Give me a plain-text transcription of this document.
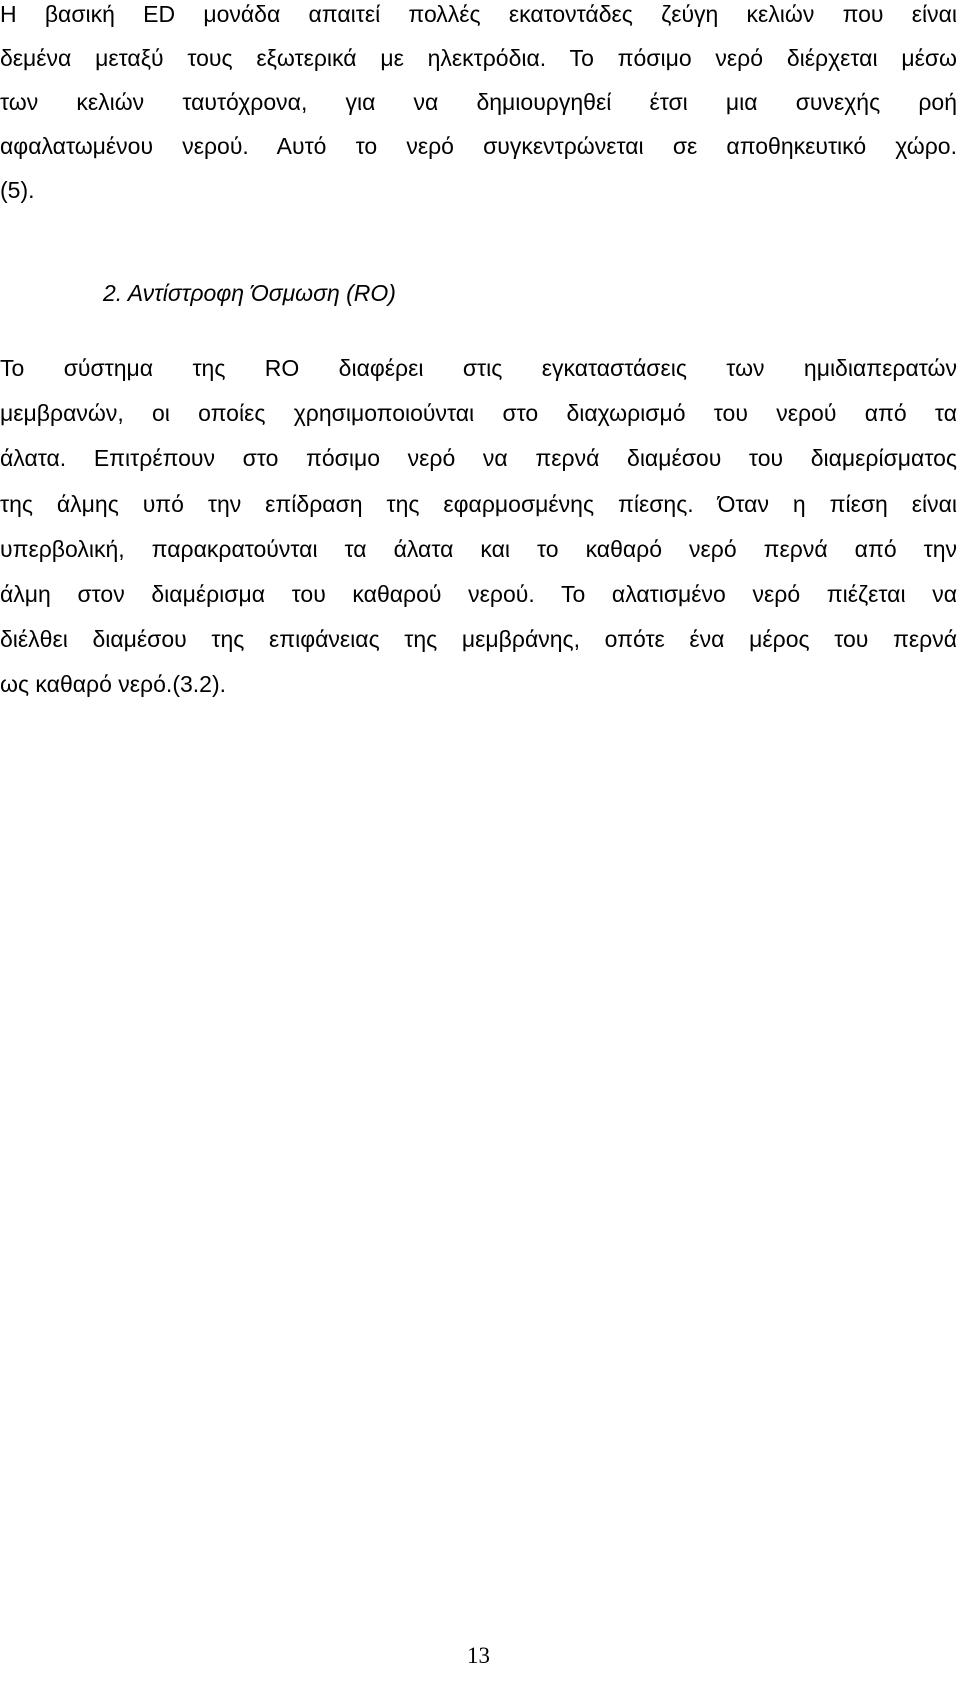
Η βασική ED μονάδα απαιτεί πολλές εκατοντάδες ζεύγη κελιών που είναι
δεμένα μεταξύ τους εξωτερικά με ηλεκτρόδια. Το πόσιμο νερό διέρχεται μέσω
των κελιών ταυτόχρονα, για να δημιουργηθεί έτσι μια συνεχής ροή
αφαλατωμένου νερού. Αυτό το νερό συγκεντρώνεται σε αποθηκευτικό χώρο.
(5).
2. Αντίστροφη Όσμωση (RO)
Το σύστημα της RO διαφέρει στις εγκαταστάσεις των ημιδιαπερατών
μεμβρανών, οι οποίες χρησιμοποιούνται στο διαχωρισμό του νερού από τα
άλατα. Επιτρέπουν στο πόσιμο νερό να περνά διαμέσου του διαμερίσματος
της άλμης υπό την επίδραση της εφαρμοσμένης πίεσης. Όταν η πίεση είναι
υπερβολική, παρακρατούνται τα άλατα και το καθαρό νερό περνά από την
άλμη στον διαμέρισμα του καθαρού νερού. Το αλατισμένο νερό πιέζεται να
διέλθει διαμέσου της επιφάνειας της μεμβράνης, οπότε ένα μέρος του περνά
ως καθαρό νερό.(3.2).
13
